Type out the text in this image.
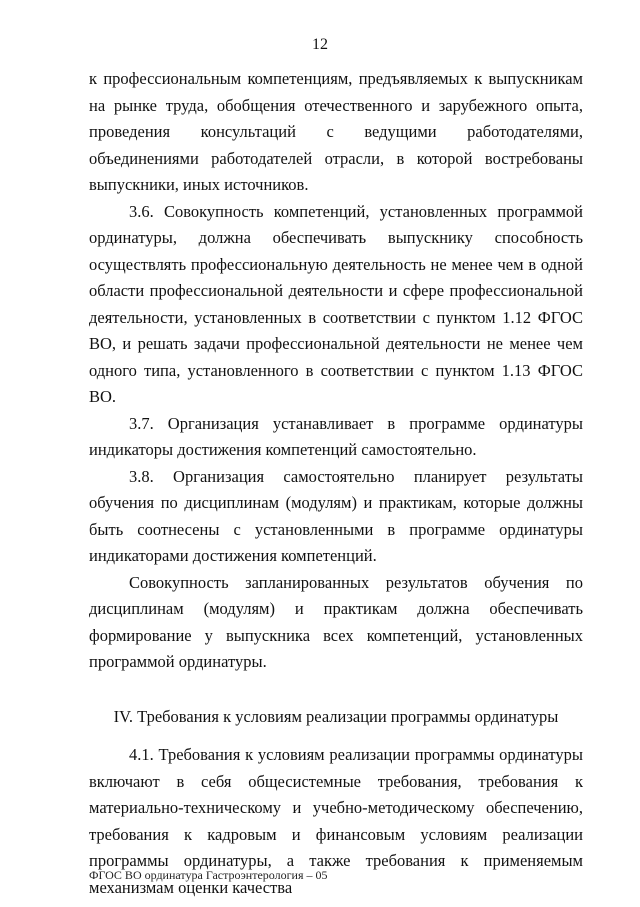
12

к профессиональным компетенциям, предъявляемых к выпускникам на рынке труда, обобщения отечественного и зарубежного опыта, проведения консультаций с ведущими работодателями, объединениями работодателей отрасли, в которой востребованы выпускники, иных источников.

3.6. Совокупность компетенций, установленных программой ординатуры, должна обеспечивать выпускнику способность осуществлять профессиональную деятельность не менее чем в одной области профессиональной деятельности и сфере профессиональной деятельности, установленных в соответствии с пунктом 1.12 ФГОС ВО, и решать задачи профессиональной деятельности не менее чем одного типа, установленного в соответствии с пунктом 1.13 ФГОС ВО.

3.7. Организация устанавливает в программе ординатуры индикаторы достижения компетенций самостоятельно.

3.8. Организация самостоятельно планирует результаты обучения по дисциплинам (модулям) и практикам, которые должны быть соотнесены с установленными в программе ординатуры индикаторами достижения компетенций.

Совокупность запланированных результатов обучения по дисциплинам (модулям) и практикам должна обеспечивать формирование у выпускника всех компетенций, установленных программой ординатуры.

IV. Требования к условиям реализации программы ординатуры

4.1. Требования к условиям реализации программы ординатуры включают в себя общесистемные требования, требования к материально-техническому и учебно-методическому обеспечению, требования к кадровым и финансовым условиям реализации программы ординатуры, а также требования к применяемым механизмам оценки качества

ФГОС ВО ординатура Гастроэнтерология – 05
